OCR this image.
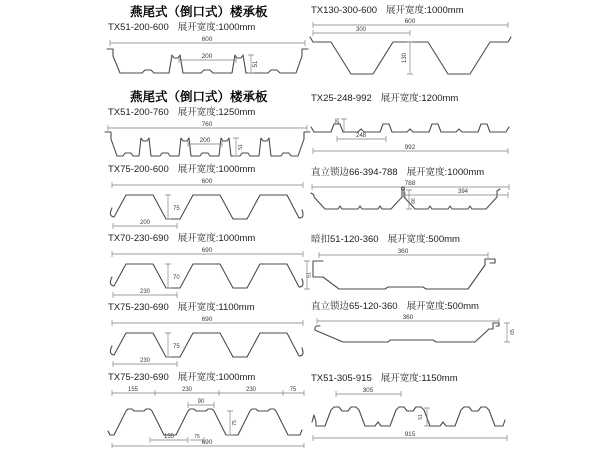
燕尾式（倒口式）楼承板
TX51-200-600 展开宽度:1000mm
600
200
51
燕尾式（倒口式）楼承板
TX51-200-760 展开宽度:1250mm
760
200
51
TX75-200-600 展开宽度:1000mm
600
75
200
TX70-230-690 展开宽度:1000mm
690
70
230
TX75-230-690 展开宽度:1100mm
690
75
230
TX75-230-690 展开宽度:1000mm
155	230	230	75
90
155	75
75
690
TX130-300-600 展开宽度:1000mm
600
300
130
TX25-248-992 展开宽度:1200mm
25
248
992
直立锁边66-394-788 展开宽度:1000mm
788
394
66
暗扣51-120-360 展开宽度:500mm
360
51
直立锁边65-120-360 展开宽度:500mm
360
65
TX51-305-915 展开宽度:1150mm
305
51
915
